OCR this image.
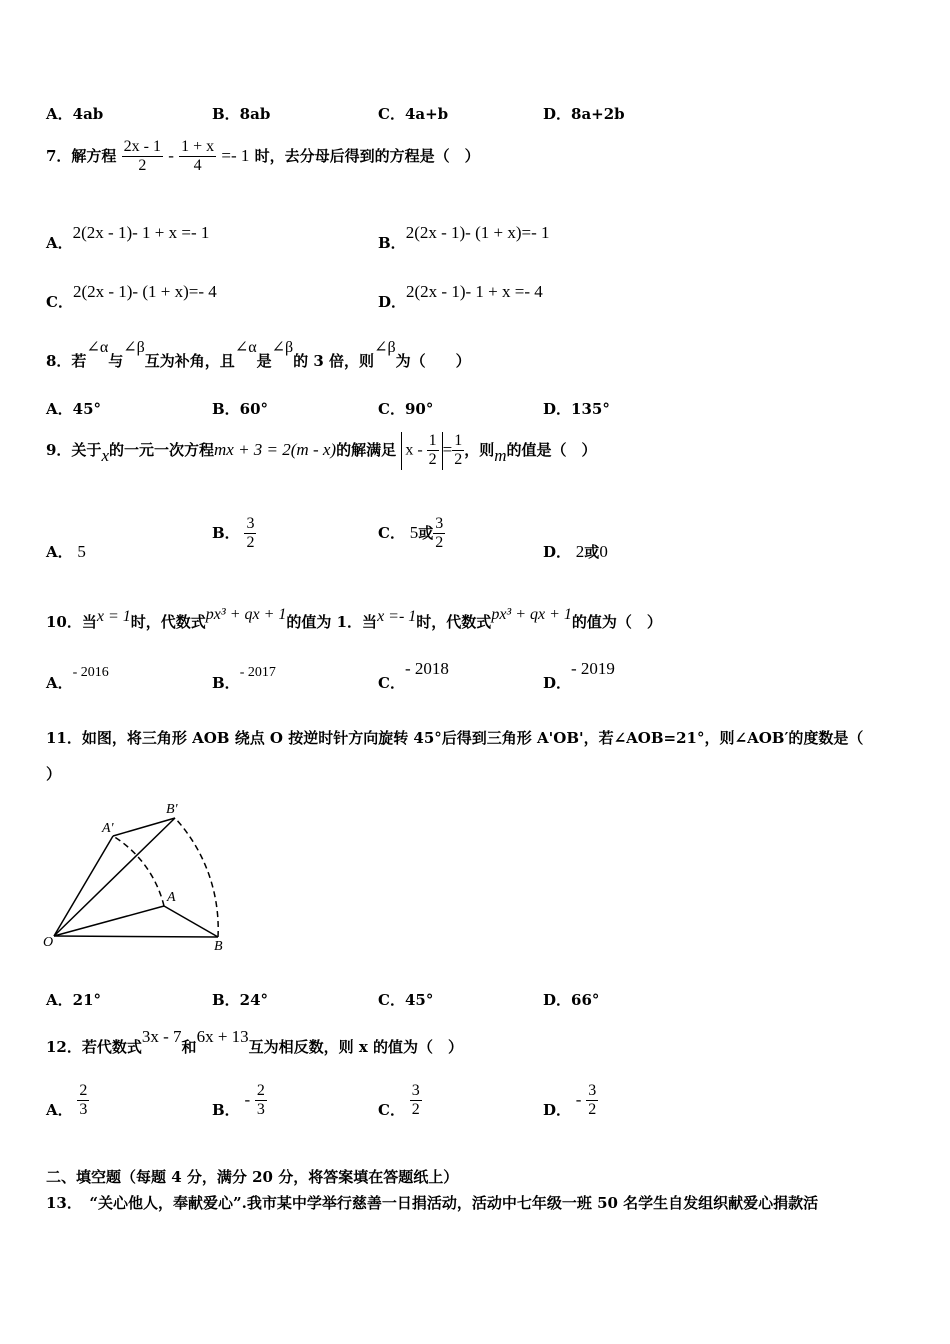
A．4ab	B．8ab	C．4a+b	D．8a+2b
7．解方程 $\frac{2x - 1}{2} - \frac{1 + x}{4} =- 1$ 时，去分母后得到的方程是（　）
A．2(2x - 1)- 1 + x =- 1
B．2(2x - 1)- (1 + x)=- 1
C．2(2x - 1)- (1 + x)=- 4
D．2(2x - 1)- 1 + x =- 4
8．若∠α与∠β互为补角，且∠α是∠β的 3 倍，则∠β为（　　）
A．45°	B．60°	C．90°	D．135°
9．关于x的一元一次方程mx + 3 = 2(m - x)的解满足 $x - \frac{1}{2} = \frac{1}{2}$ ，则m的值是（　）
A． 5
B． $\frac{3}{2}$	C． 5或 $\frac{3}{2}$	D． 2或0
10．当x = 1时，代数式px³ + qx + 1的值为 1．当x =- 1时，代数式px³ + qx + 1的值为（　）
A．- 2016
B．- 2017
C．- 2018
D．- 2019
11．如图，将三角形 AOB 绕点 O 按逆时针方向旋转 45°后得到三角形 A'OB'，若∠AOB=21°，则∠AOB′的度数是（
）
A'
B'
A
O	B
A．21°	B．24°	C．45°	D．66°
12．若代数式3x - 7和6x + 13互为相反数，则 x 的值为（　）
A． $\frac{2}{3}$	B． - $\frac{2}{3}$	C． $\frac{3}{2}$	D． - $\frac{3}{2}$
二、填空题（每题 4 分，满分 20 分，将答案填在答题纸上）
13．　“关心他人，奉献爱心”.我市某中学举行慈善一日捐活动，活动中七年级一班 50 名学生自发组织献爱心捐款活
